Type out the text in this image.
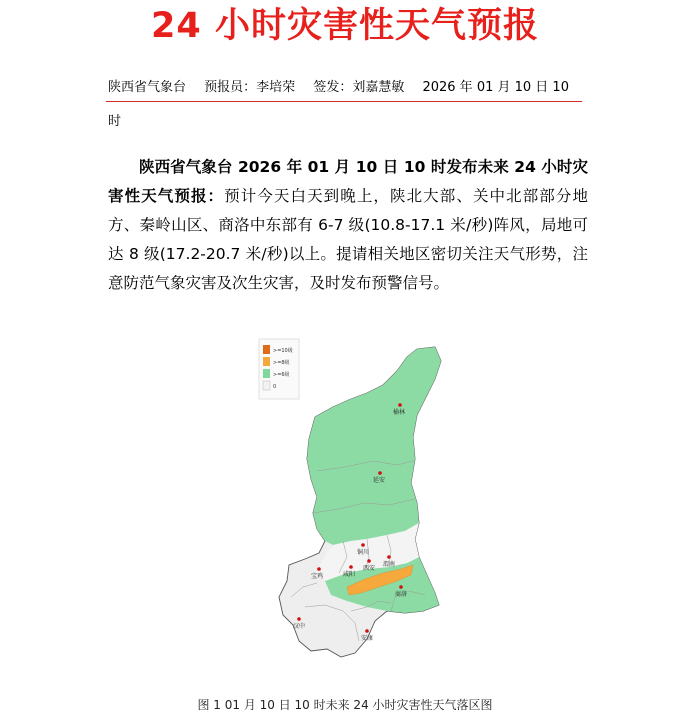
24 小时灾害性天气预报
陕西省气象台 预报员：李培荣 签发：刘嘉慧敏 2026 年 01 月 10 日 10
时
陕西省气象台 2026 年 01 月 10 日 10 时发布未来 24 小时灾害性天气预报：预计今天白天到晚上，陕北大部、关中北部部分地方、秦岭山区、商洛中东部有 6-7 级(10.8-17.1 米/秒)阵风，局地可达 8 级(17.2-20.7 米/秒)以上。提请相关地区密切关注天气形势，注意防范气象灾害及次生灾害，及时发布预警信号。
>=10级
>=8级
>=6级
0
榆林
延安
铜川
宝鸡	咸阳
西安
渭南
商洛
汉中
安康
图 1 01 月 10 日 10 时未来 24 小时灾害性天气落区图
